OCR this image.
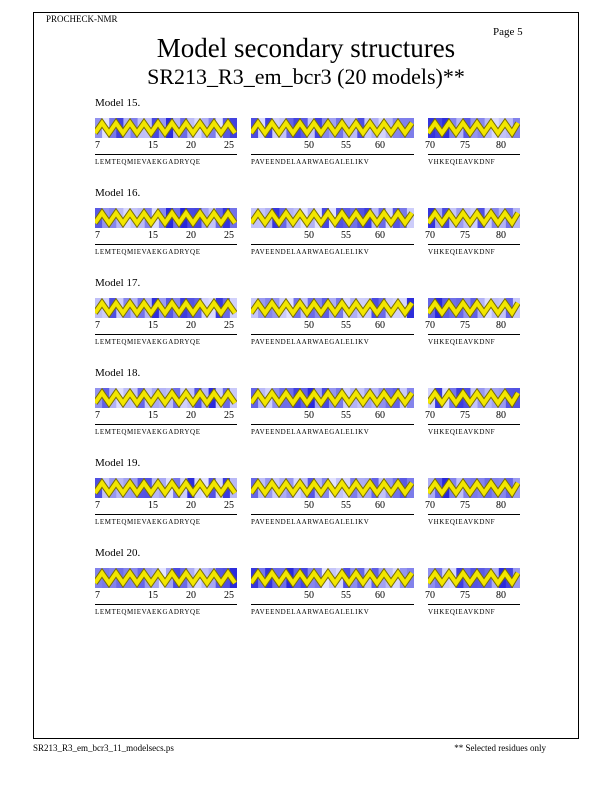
PROCHECK-NMR
Page 5
Model secondary structures
SR213_R3_em_bcr3 (20 models)**
Model 15.
7	15	20	25
LEMTEQMIEVAEKGADRYQE
50	55 60
PAVEENDELAARWAEGALELIKV
70	75	80
VHKEQIEAVKDNF
Model 16.
7	15	20	25
LEMTEQMIEVAEKGADRYQE
50	55 60
PAVEENDELAARWAEGALELIKV
70	75	80
VHKEQIEAVKDNF
Model 17.
7	15	20	25
LEMTEQMIEVAEKGADRYQE
50	55 60
PAVEENDELAARWAEGALELIKV
70	75	80
VHKEQIEAVKDNF
Model 18.
7	15	20	25
LEMTEQMIEVAEKGADRYQE
50	55 60
PAVEENDELAARWAEGALELIKV
70	75	80
VHKEQIEAVKDNF
Model 19.
7	15	20	25
LEMTEQMIEVAEKGADRYQE
50	55 60
PAVEENDELAARWAEGALELIKV
70	75	80
VHKEQIEAVKDNF
Model 20.
7	15	20	25
LEMTEQMIEVAEKGADRYQE
50	55 60
PAVEENDELAARWAEGALELIKV
70	75	80
VHKEQIEAVKDNF
SR213_R3_em_bcr3_11_modelsecs.ps	** Selected residues only
